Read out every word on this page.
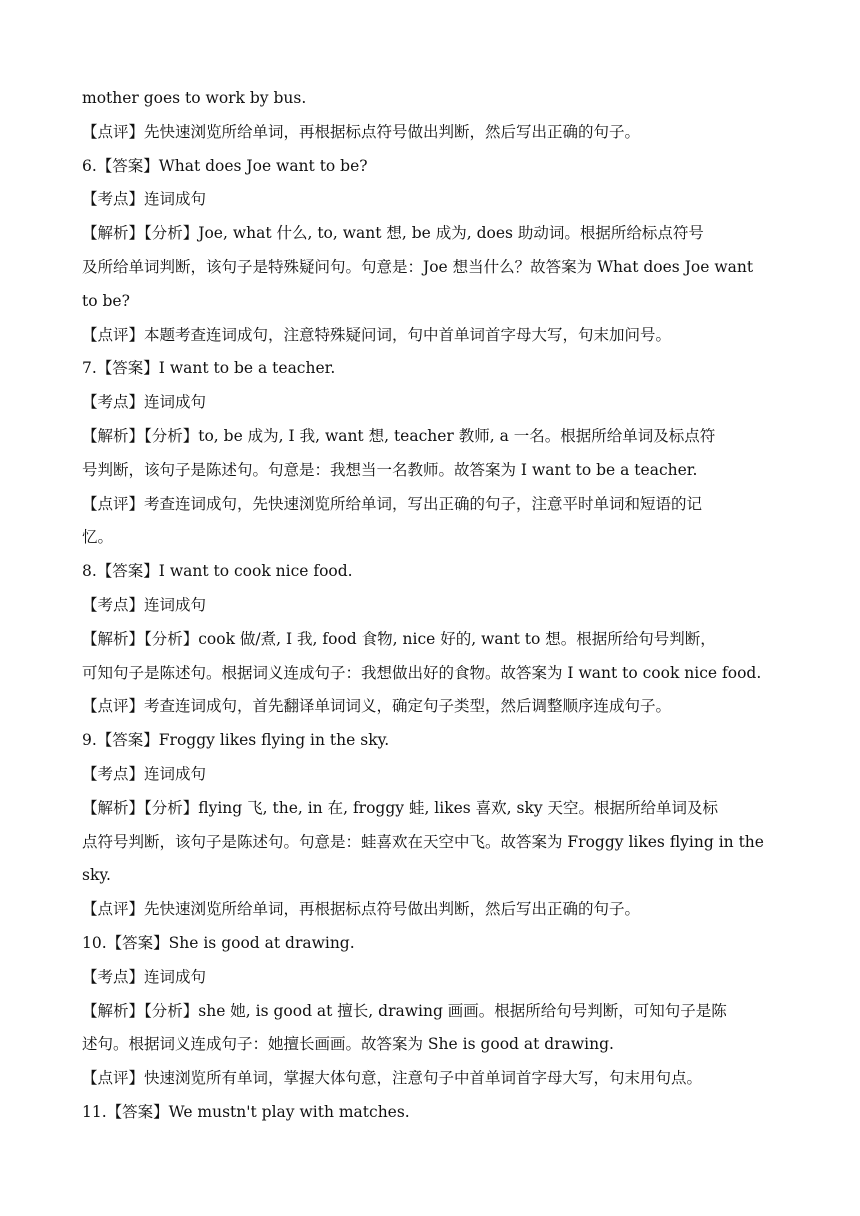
mother goes to work by bus.
【点评】先快速浏览所给单词，再根据标点符号做出判断，然后写出正确的句子。
6.【答案】What does Joe want to be?
【考点】连词成句
【解析】【分析】Joe, what 什么, to, want 想, be 成为, does 助动词。根据所给标点符号
及所给单词判断，该句子是特殊疑问句。句意是：Joe 想当什么？故答案为 What does Joe want
to be?
【点评】本题考查连词成句，注意特殊疑问词，句中首单词首字母大写，句末加问号。
7.【答案】I want to be a teacher.
【考点】连词成句
【解析】【分析】to, be 成为, I 我, want 想, teacher 教师, a 一名。根据所给单词及标点符
号判断，该句子是陈述句。句意是：我想当一名教师。故答案为 I want to be a teacher.
【点评】考查连词成句，先快速浏览所给单词，写出正确的句子，注意平时单词和短语的记
忆。
8.【答案】I want to cook nice food.
【考点】连词成句
【解析】【分析】cook 做/煮, I 我, food 食物, nice 好的, want to 想。根据所给句号判断，
可知句子是陈述句。根据词义连成句子：我想做出好的食物。故答案为 I want to cook nice food.
【点评】考查连词成句，首先翻译单词词义，确定句子类型，然后调整顺序连成句子。
9.【答案】Froggy likes flying in the sky.
【考点】连词成句
【解析】【分析】flying 飞, the, in 在, froggy 蛙, likes 喜欢, sky 天空。根据所给单词及标
点符号判断，该句子是陈述句。句意是：蛙喜欢在天空中飞。故答案为 Froggy likes flying in the
sky.
【点评】先快速浏览所给单词，再根据标点符号做出判断，然后写出正确的句子。
10.【答案】She is good at drawing.
【考点】连词成句
【解析】【分析】she 她, is good at 擅长, drawing 画画。根据所给句号判断，可知句子是陈
述句。根据词义连成句子：她擅长画画。故答案为 She is good at drawing.
【点评】快速浏览所有单词，掌握大体句意，注意句子中首单词首字母大写，句末用句点。
11.【答案】We mustn't play with matches.
